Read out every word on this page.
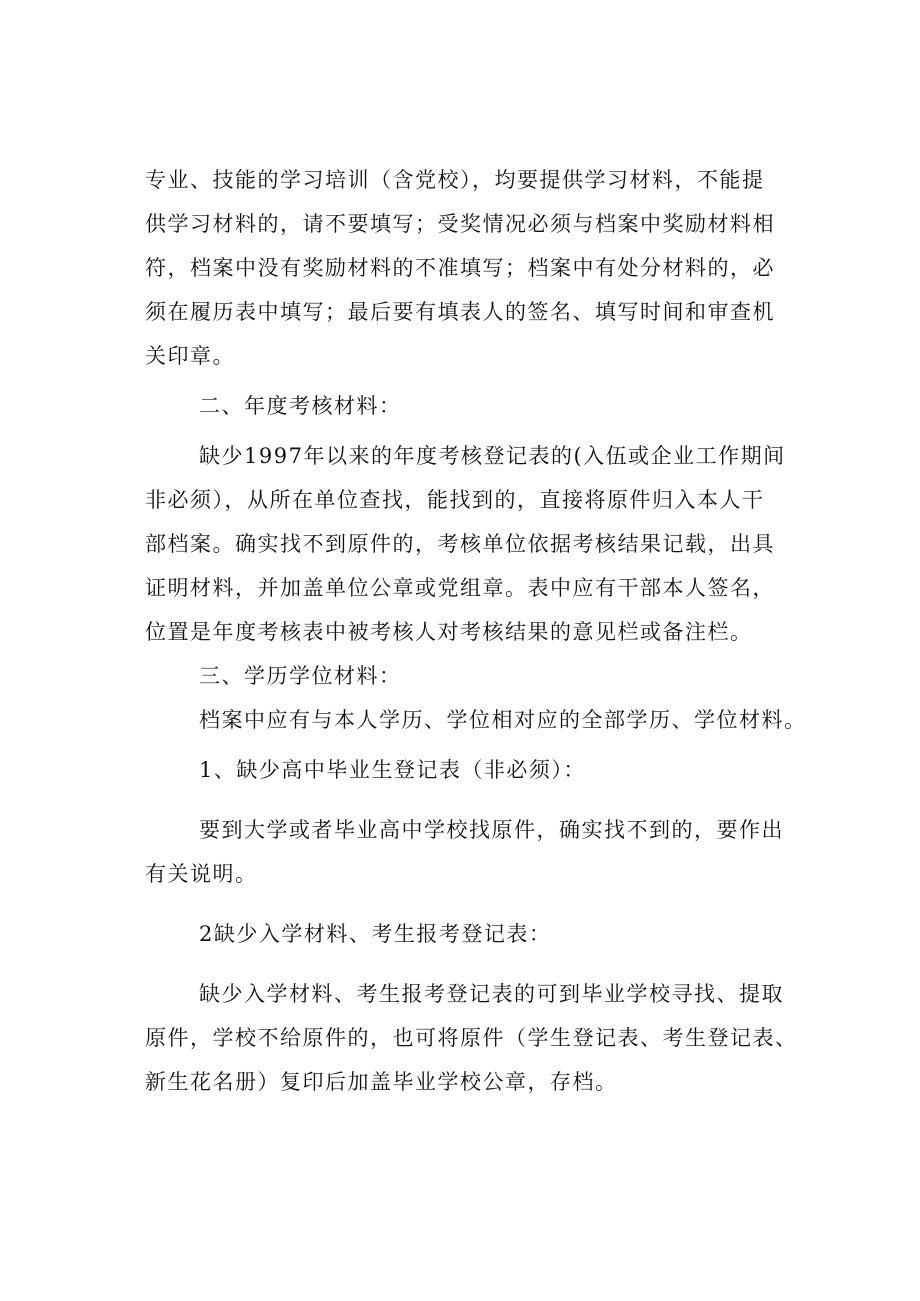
专业、技能的学习培训（含党校），均要提供学习材料，不能提
供学习材料的，请不要填写；受奖情况必须与档案中奖励材料相
符，档案中没有奖励材料的不准填写；档案中有处分材料的，必
须在履历表中填写；最后要有填表人的签名、填写时间和审查机
关印章。
二、年度考核材料：
缺少1997年以来的年度考核登记表的(入伍或企业工作期间
非必须），从所在单位查找，能找到的，直接将原件归入本人干
部档案。确实找不到原件的，考核单位依据考核结果记载，出具
证明材料，并加盖单位公章或党组章。表中应有干部本人签名，
位置是年度考核表中被考核人对考核结果的意见栏或备注栏。
三、学历学位材料：
档案中应有与本人学历、学位相对应的全部学历、学位材料。
1、缺少高中毕业生登记表（非必须）：
要到大学或者毕业高中学校找原件，确实找不到的，要作出
有关说明。
2缺少入学材料、考生报考登记表：
缺少入学材料、考生报考登记表的可到毕业学校寻找、提取
原件，学校不给原件的，也可将原件（学生登记表、考生登记表、
新生花名册）复印后加盖毕业学校公章，存档。
